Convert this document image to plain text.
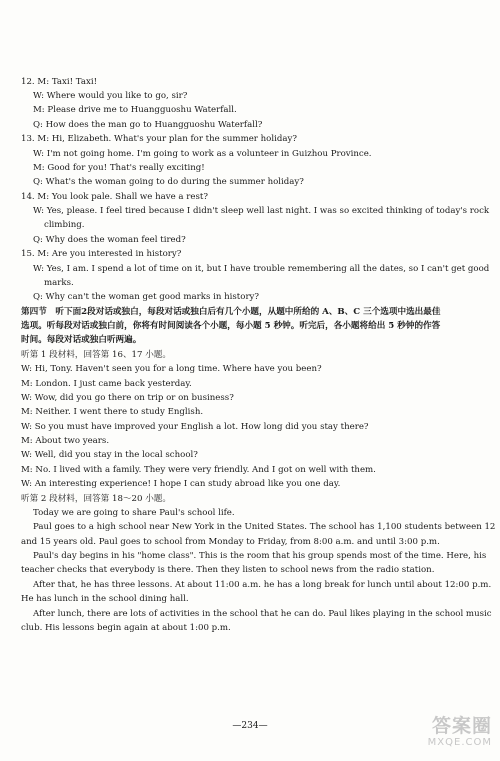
12. M: Taxi! Taxi!
W: Where would you like to go, sir?
M: Please drive me to Huangguoshu Waterfall.
Q: How does the man go to Huangguoshu Waterfall?
13. M: Hi, Elizabeth. What's your plan for the summer holiday?
W: I'm not going home. I'm going to work as a volunteer in Guizhou Province.
M: Good for you! That's really exciting!
Q: What's the woman going to do during the summer holiday?
14. M: You look pale. Shall we have a rest?
W: Yes, please. I feel tired because I didn't sleep well last night. I was so excited thinking of today's rock
climbing.
Q: Why does the woman feel tired?
15. M: Are you interested in history?
W: Yes, I am. I spend a lot of time on it, but I have trouble remembering all the dates, so I can't get good
marks.
Q: Why can't the woman get good marks in history?
第四节　听下面2段对话或独白，每段对话或独白后有几个小题，从题中所给的 A、B、C 三个选项中选出最佳
选项。听每段对话或独白前，你将有时间阅读各个小题，每小题 5 秒钟。听完后，各小题将给出 5 秒钟的作答
时间。每段对话或独白听两遍。
听第 1 段材料，回答第 16、17 小题。
W: Hi, Tony. Haven't seen you for a long time. Where have you been?
M: London. I just came back yesterday.
W: Wow, did you go there on trip or on business?
M: Neither. I went there to study English.
W: So you must have improved your English a lot. How long did you stay there?
M: About two years.
W: Well, did you stay in the local school?
M: No. I lived with a family. They were very friendly. And I got on well with them.
W: An interesting experience! I hope I can study abroad like you one day.
听第 2 段材料，回答第 18～20 小题。
Today we are going to share Paul's school life.
Paul goes to a high school near New York in the United States. The school has 1,100 students between 12
and 15 years old. Paul goes to school from Monday to Friday, from 8:00 a.m. and until 3:00 p.m.
Paul's day begins in his "home class". This is the room that his group spends most of the time. Here, his
teacher checks that everybody is there. Then they listen to school news from the radio station.
After that, he has three lessons. At about 11:00 a.m. he has a long break for lunch until about 12:00 p.m.
He has lunch in the school dining hall.
After lunch, there are lots of activities in the school that he can do. Paul likes playing in the school music
club. His lessons begin again at about 1:00 p.m.
—234—	答案圈
MXQE.COM
